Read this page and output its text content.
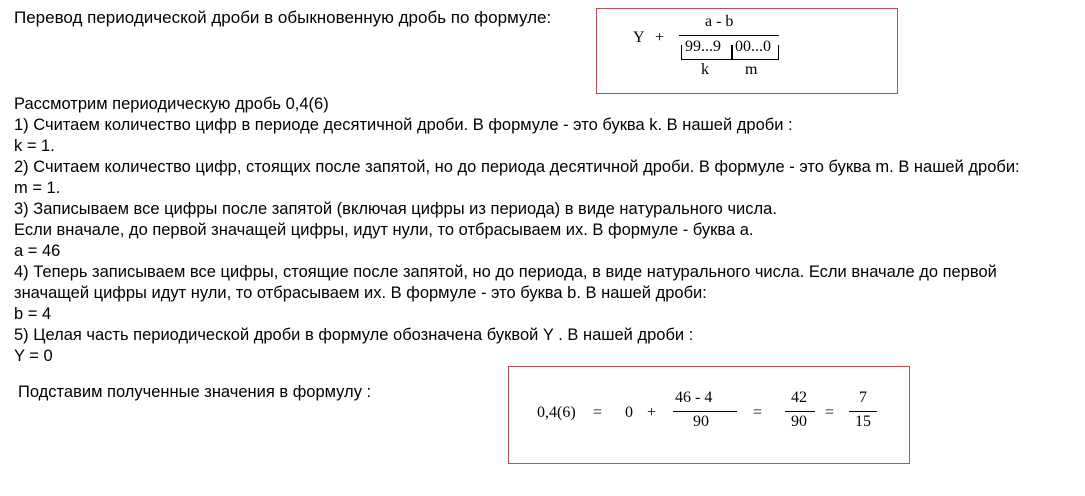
Перевод периодической дроби в обыкновенную дробь по формуле:
Y +
a - b
99...9 00...0
k m
Рассмотрим периодическую дробь 0,4(6)
1) Считаем количество цифр в периоде десятичной дроби. В формуле - это буква k. В нашей дроби :
k = 1.
2) Считаем количество цифр, стоящих после запятой, но до периода десятичной дроби. В формуле - это буква m. В нашей дроби:
m = 1.
3) Записываем все цифры после запятой (включая цифры из периода) в виде натурального числа.
Если вначале, до первой значащей цифры, идут нули, то отбрасываем их. В формуле - буква a.
a = 46
4) Теперь записываем все цифры, стоящие после запятой, но до периода, в виде натурального числа. Если вначале до первой
значащей цифры идут нули, то отбрасываем их. В формуле - это буква b. В нашей дроби:
b = 4
5) Целая часть периодической дроби в формуле обозначена буквой Y . В нашей дроби :
Y = 0
Подставим полученные значения в формулу :
0,4(6) = 0 +
46 - 4
90
=
42
90
=
7
15
